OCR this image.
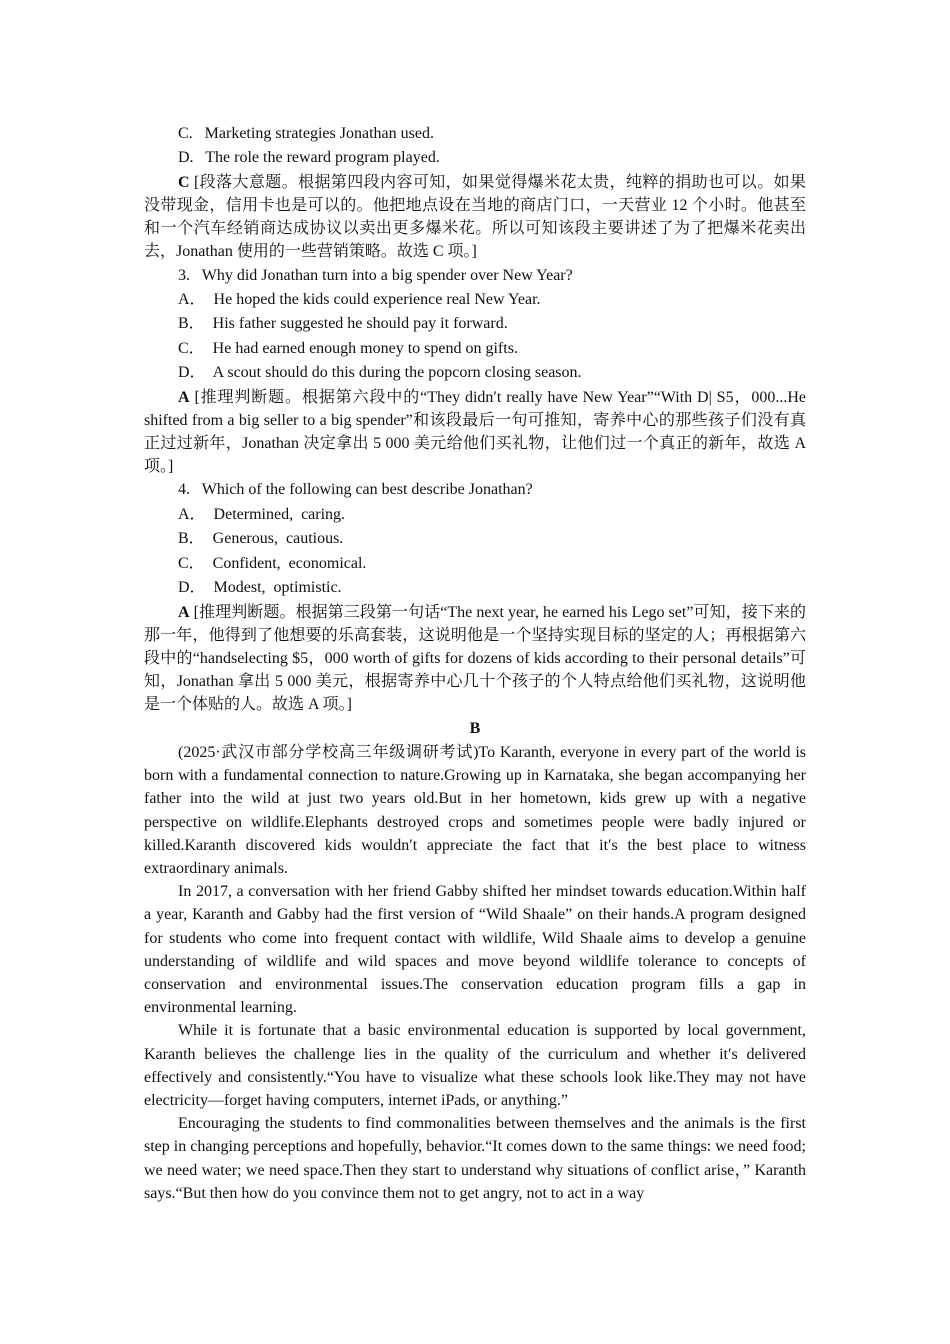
C.   Marketing strategies Jonathan used.

D.   The role the reward program played.

C [段落大意题。根据第四段内容可知，如果觉得爆米花太贵，纯粹的捐助也可以。如果没带现金，信用卡也是可以的。他把地点设在当地的商店门口，一天营业 12 个小时。他甚至和一个汽车经销商达成协议以卖出更多爆米花。所以可知该段主要讲述了为了把爆米花卖出去，Jonathan 使用的一些营销策略。故选 C 项。]

3.   Why did Jonathan turn into a big spender over New Year?

A．  He hoped the kids could experience real New Year.

B．  His father suggested he should pay it forward.

C．  He had earned enough money to spend on gifts.

D．  A scout should do this during the popcorn closing season.

A [推理判断题。根据第六段中的“They didn′t really have New Year”“With D| S5，000...He shifted from a big seller to a big spender”和该段最后一句可推知，寄养中心的那些孩子们没有真正过过新年，Jonathan 决定拿出 5 000 美元给他们买礼物，让他们过一个真正的新年，故选 A 项。]

4.   Which of the following can best describe Jonathan?

A．  Determined,  caring.

B．  Generous,  cautious.

C．  Confident,  economical.

D．  Modest,  optimistic.

A [推理判断题。根据第三段第一句话“The next year, he earned his Lego set”可知，接下来的那一年，他得到了他想要的乐高套装，这说明他是一个坚持实现目标的坚定的人；再根据第六段中的“handselecting $5，000 worth of gifts for dozens of kids according to their personal details”可知，Jonathan 拿出 5 000 美元，根据寄养中心几十个孩子的个人特点给他们买礼物，这说明他是一个体贴的人。故选 A 项。]

B

(2025·武汉市部分学校高三年级调研考试)To Karanth, everyone in every part of the world is born with a fundamental connection to nature.Growing up in Karnataka, she began accompanying her father into the wild at just two years old.But in her hometown, kids grew up with a negative perspective on wildlife.Elephants destroyed crops and sometimes people were badly injured or killed.Karanth discovered kids wouldn′t appreciate the fact that it′s the best place to witness extraordinary animals.

In 2017, a conversation with her friend Gabby shifted her mindset towards education.Within half a year, Karanth and Gabby had the first version of “Wild Shaale” on their hands.A program designed for students who come into frequent contact with wildlife, Wild Shaale aims to develop a genuine understanding of wildlife and wild spaces and move beyond wildlife tolerance to concepts of conservation and environmental issues.The conservation education program fills a gap in environmental learning.

While it is fortunate that a basic environmental education is supported by local government, Karanth believes the challenge lies in the quality of the curriculum and whether it′s delivered effectively and consistently.“You have to visualize what these schools look like.They may not have electricity—forget having computers, internet iPads, or anything.”

Encouraging the students to find commonalities between themselves and the animals is the first step in changing perceptions and hopefully, behavior.“It comes down to the same things: we need food; we need water; we need space.Then they start to understand why situations of conflict arise，” Karanth says.“But then how do you convince them not to get angry, not to act in a way
